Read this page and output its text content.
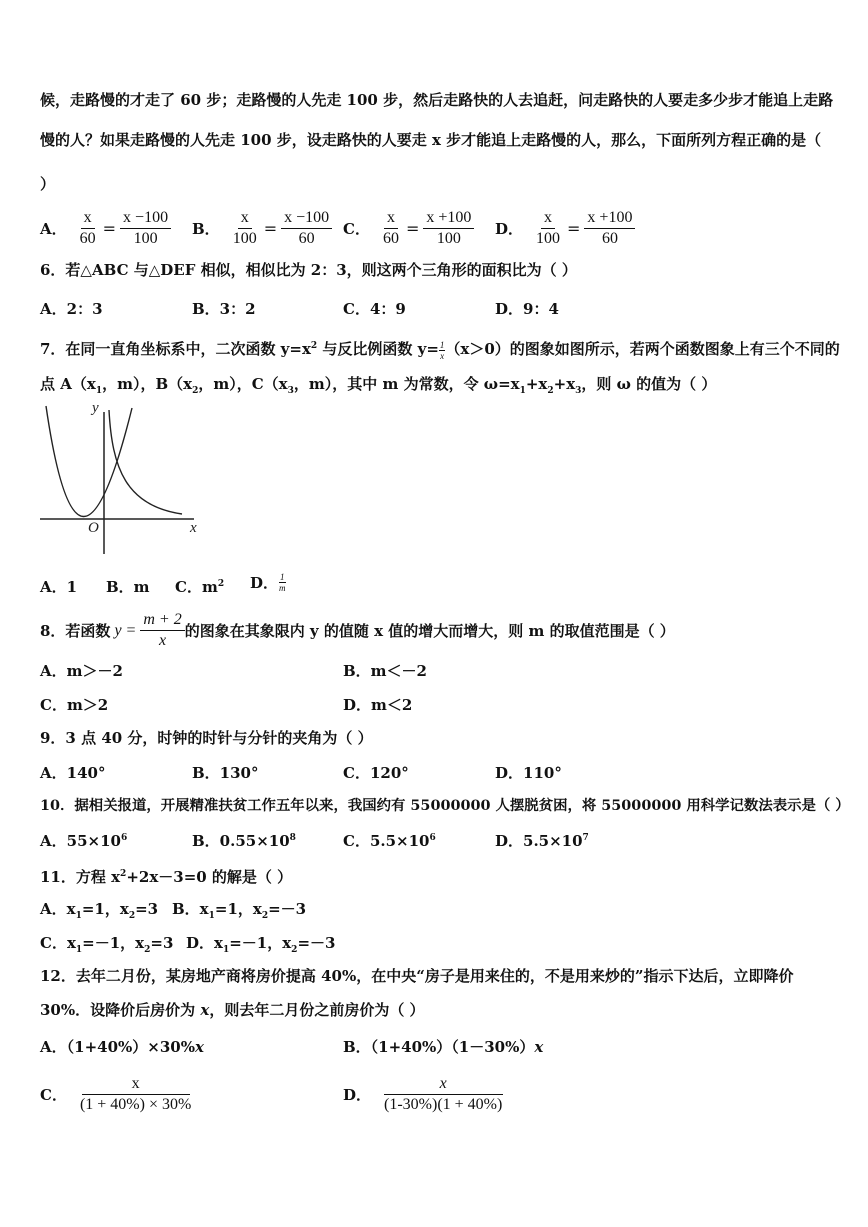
候，走路慢的才走了 60 步；走路慢的人先走 100 步，然后走路快的人去追赶，问走路快的人要走多少步才能追上走路
慢的人？如果走路慢的人先走 100 步，设走路快的人要走 x 步才能追上走路慢的人，那么，下面所列方程正确的是（
）
A． $\frac{x}{60} = \frac{x -100}{100}$ B． $\frac{x}{100} = \frac{x -100}{60}$ C． $\frac{x}{60} = \frac{x +100}{100}$ D． $\frac{x}{100} = \frac{x +100}{60}$
6．若△ABC 与△DEF 相似，相似比为 2：3，则这两个三角形的面积比为（ ）
A．2：3	B．3：2	C．4：9	D．9：4
7．在同一直角坐标系中，二次函数 $y=x^2$ 与反比例函数 $y= \frac{1}{x} (x>0)$的图象如图所示，若两个函数图象上有三个不同的
点 $A(x_1$，m），$B(x_2$，m），$C(x_3$，m），其中 m 为常数，令 $\omega=x_1+x_2+x_3$，则 ω 的值为（ ）
y
x
O
A．1 B．m C．$m^2$ D． $\frac{1}{m}$
8．若函数 $y = \frac{m + 2}{x}$ 的图象在其象限内 y 的值随 x 值的增大而增大，则 m 的取值范围是（ ）
A．m＞－2	B．m＜－2
C．m＞2	D．m＜2
9．3 点 40 分，时钟的时针与分针的夹角为（ ）
A．140°	B．130°	C．120°	D．110°
10．据相关报道，开展精准扶贫工作五年以来，我国约有 55000000 人摆脱贫困，将 55000000 用科学记数法表示是（ ）
A．$55\times 10^6$	B．$0.55\times 10^8$	C．$5.5\times 10^6$	D．$5.5\times 10^7$
11．方程 $x^2+2x-3=0$ 的解是（ ）
A．$x_1=1$，$x_2=3$ B．$x_1=1$，$x_2=-3$
C．$x_1=-1$，$x_2=3$ D．$x_1=-1$，$x_2=-3$
12．去年二月份，某房地产商将房价提高 40%，在中央“房子是用来住的，不是用来炒的”指示下达后，立即降价
30%．设降价后房价为 x，则去年二月份之前房价为（ ）
A．（1+40%）×30%x	B．（1+40%）（1－30%）x
C． $\frac{x}{(1 + 40\%) \times 30\%}$	D． $\frac{x}{(1-30\%)(1 + 40\%)}$
